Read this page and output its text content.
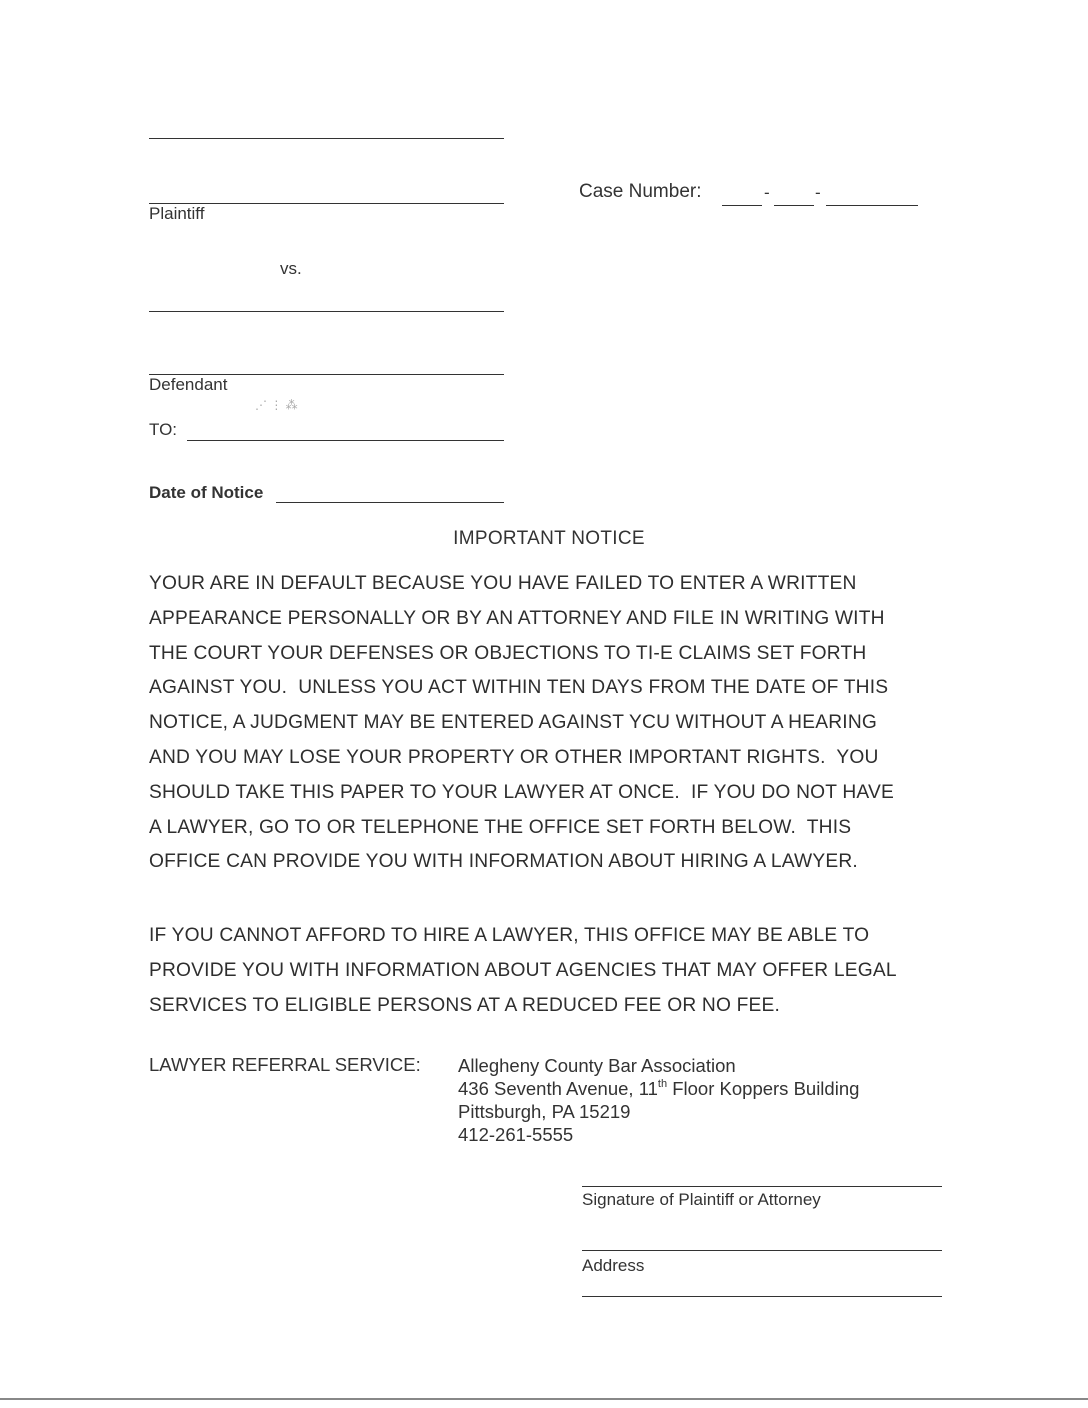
Plaintiff
vs.
Defendant
TO:
Date of Notice
Case Number:	-	-
IMPORTANT NOTICE

YOUR ARE IN DEFAULT BECAUSE YOU HAVE FAILED TO ENTER A WRITTEN

APPEARANCE PERSONALLY OR BY AN ATTORNEY AND FILE IN WRITING WITH

THE COURT YOUR DEFENSES OR OBJECTIONS TO TI-E CLAIMS SET FORTH

AGAINST YOU.  UNLESS YOU ACT WITHIN TEN DAYS FROM THE DATE OF THIS

NOTICE, A JUDGMENT MAY BE ENTERED AGAINST YCU WITHOUT A HEARING

AND YOU MAY LOSE YOUR PROPERTY OR OTHER IMPORTANT RIGHTS.  YOU

SHOULD TAKE THIS PAPER TO YOUR LAWYER AT ONCE.  IF YOU DO NOT HAVE

A LAWYER, GO TO OR TELEPHONE THE OFFICE SET FORTH BELOW.  THIS

OFFICE CAN PROVIDE YOU WITH INFORMATION ABOUT HIRING A LAWYER.

IF YOU CANNOT AFFORD TO HIRE A LAWYER, THIS OFFICE MAY BE ABLE TO

PROVIDE YOU WITH INFORMATION ABOUT AGENCIES THAT MAY OFFER LEGAL

SERVICES TO ELIGIBLE PERSONS AT A REDUCED FEE OR NO FEE.

LAWYER REFERRAL SERVICE: Allegheny County Bar Association
436 Seventh Avenue, 11th Floor Koppers Building
Pittsburgh, PA 15219
412-261-5555
Signature of Plaintiff or Attorney
Address
⋰ ⋮ ⁂
